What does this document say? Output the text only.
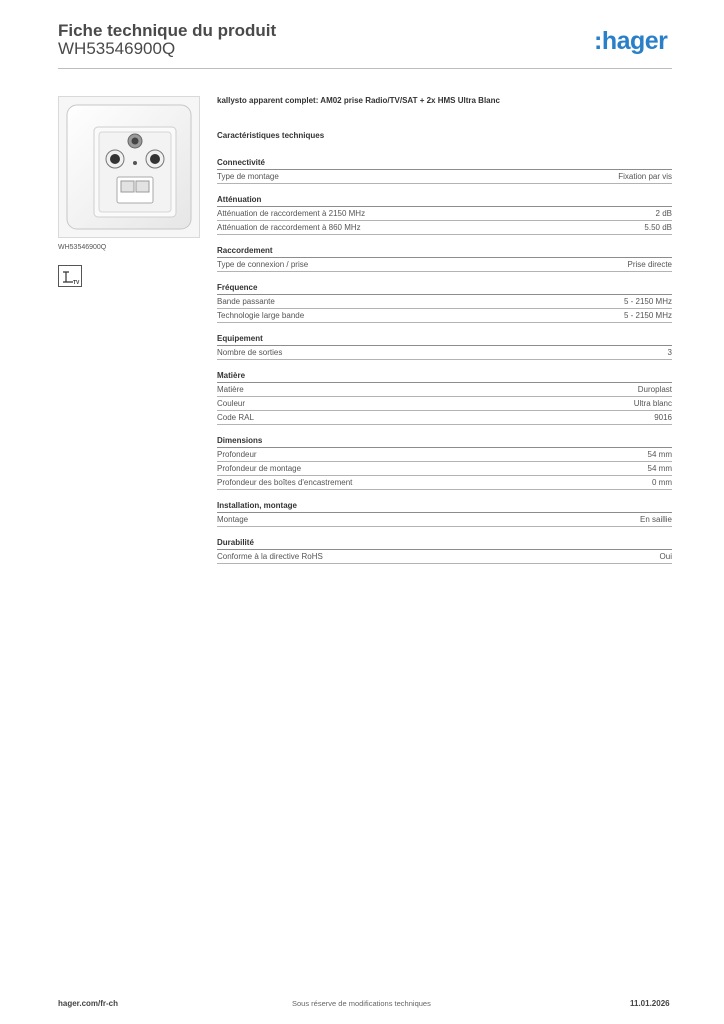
Fiche technique du produit
WH53546900Q	:hager
WH53546900Q
TV
kallysto apparent complet: AM02 prise Radio/TV/SAT + 2x HMS Ultra Blanc
Caractéristiques techniques
Connectivité
Type de montage	Fixation par vis
Atténuation
Atténuation de raccordement à 2150 MHz	2 dB
Atténuation de raccordement à 860 MHz	5.50 dB
Raccordement
Type de connexion / prise	Prise directe
Fréquence
Bande passante	5 - 2150 MHz
Technologie large bande	5 - 2150 MHz
Equipement
Nombre de sorties	3
Matière
Matière	Duroplast
Couleur	Ultra blanc
Code RAL	9016
Dimensions
Profondeur	54 mm
Profondeur de montage	54 mm
Profondeur des boîtes d'encastrement	0 mm
Installation, montage
Montage	En saillie
Durabilité
Conforme à la directive RoHS	Oui
hager.com/fr-ch	Sous réserve de modifications techniques	11.01.2026
